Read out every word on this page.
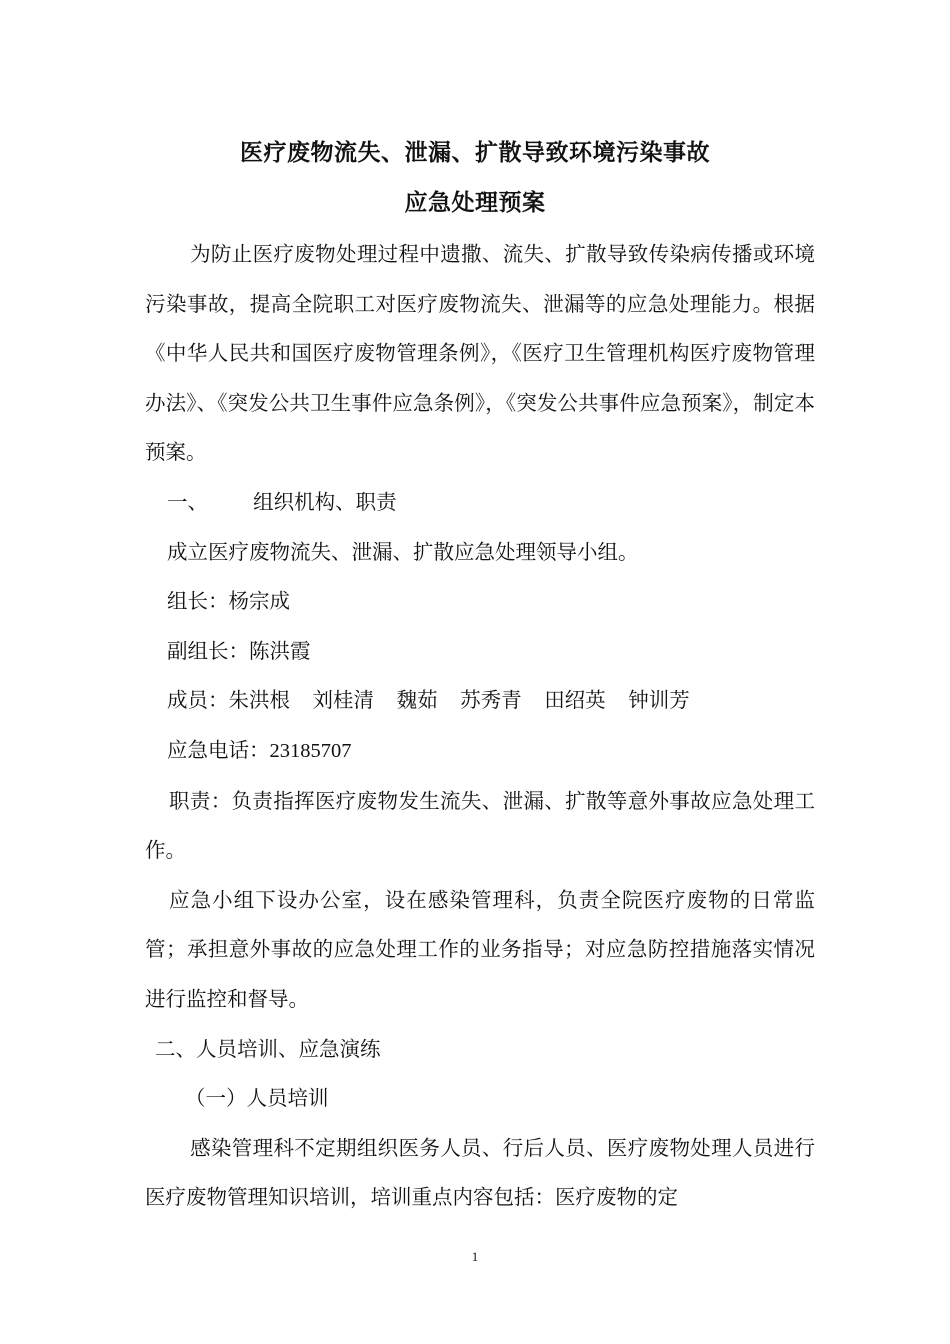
医疗废物流失、泄漏、扩散导致环境污染事故
应急处理预案

为防止医疗废物处理过程中遗撒、流失、扩散导致传染病传播或环境污染事故，提高全院职工对医疗废物流失、泄漏等的应急处理能力。根据《中华人民共和国医疗废物管理条例》，《医疗卫生管理机构医疗废物管理办法》、《突发公共卫生事件应急条例》，《突发公共事件应急预案》，制定本预案。

一、 组织机构、职责

成立医疗废物流失、泄漏、扩散应急处理领导小组。

组长：杨宗成

副组长：陈洪霞

成员：朱洪根 刘桂清 魏茹 苏秀青 田绍英 钟训芳

应急电话：23185707

职责：负责指挥医疗废物发生流失、泄漏、扩散等意外事故应急处理工作。

应急小组下设办公室，设在感染管理科，负责全院医疗废物的日常监管；承担意外事故的应急处理工作的业务指导；对应急防控措施落实情况进行监控和督导。

二、人员培训、应急演练

（一）人员培训

感染管理科不定期组织医务人员、行后人员、医疗废物处理人员进行医疗废物管理知识培训，培训重点内容包括：医疗废物的定

1
